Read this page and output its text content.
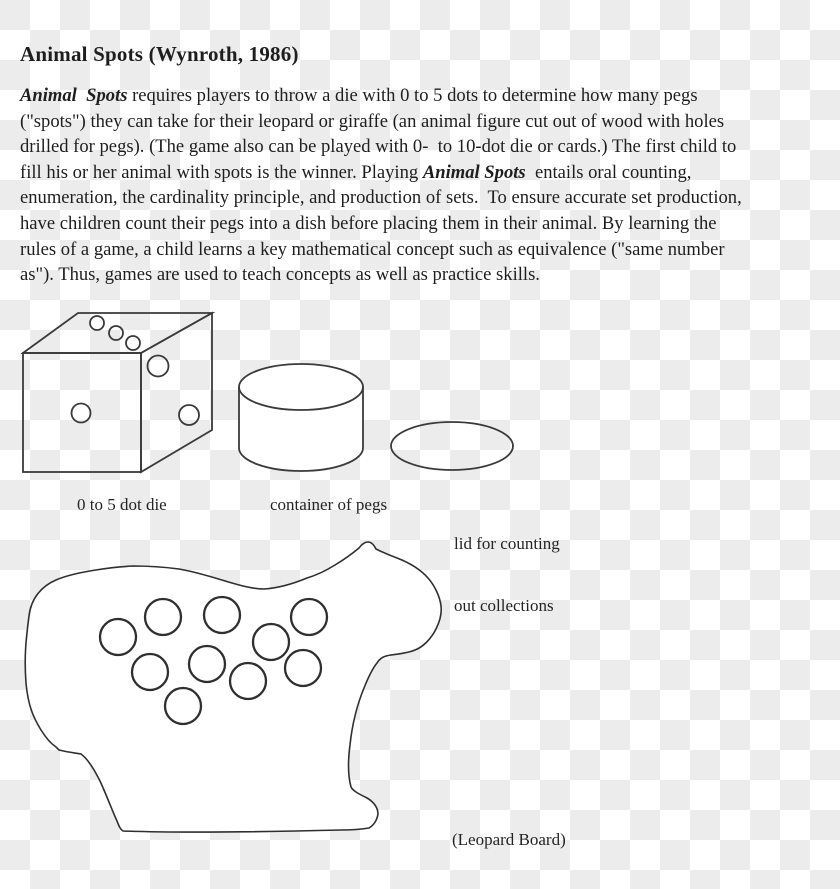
Animal Spots (Wynroth, 1986)
Animal  Spots requires players to throw a die with 0 to 5 dots to determine how many pegs
("spots") they can take for their leopard or giraffe (an animal figure cut out of wood with holes
drilled for pegs). (The game also can be played with 0-  to 10-dot die or cards.) The first child to
fill his or her animal with spots is the winner. Playing Animal Spots  entails oral counting,
enumeration, the cardinality principle, and production of sets.  To ensure accurate set production,
have children count their pegs into a dish before placing them in their animal. By learning the
rules of a game, a child learns a key mathematical concept such as equivalence ("same number
as"). Thus, games are used to teach concepts as well as practice skills.
0 to 5 dot die	container of pegs

lid for counting

out collections

(Leopard Board)
